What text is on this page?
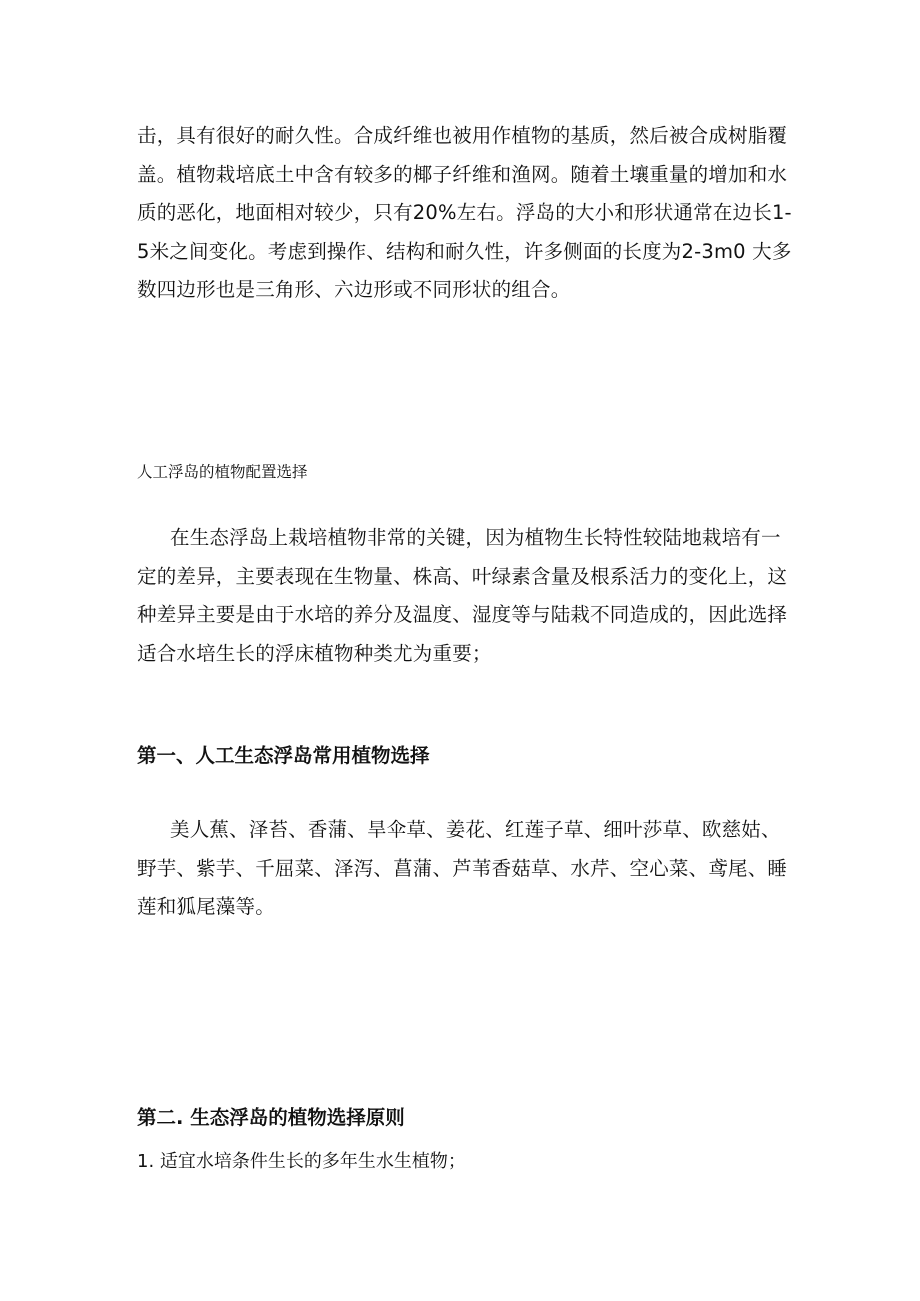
击，具有很好的耐久性。合成纤维也被用作植物的基质，然后被合成树脂覆盖。植物栽培底土中含有较多的椰子纤维和渔网。随着土壤重量的增加和水质的恶化，地面相对较少，只有20%左右。浮岛的大小和形状通常在边长1-5米之间变化。考虑到操作、结构和耐久性，许多侧面的长度为2-3m0 大多数四边形也是三角形、六边形或不同形状的组合。

人工浮岛的植物配置选择

在生态浮岛上栽培植物非常的关键，因为植物生长特性较陆地栽培有一定的差异，主要表现在生物量、株高、叶绿素含量及根系活力的变化上，这种差异主要是由于水培的养分及温度、湿度等与陆栽不同造成的，因此选择适合水培生长的浮床植物种类尤为重要；

第一、人工生态浮岛常用植物选择

美人蕉、泽苔、香蒲、旱伞草、姜花、红莲子草、细叶莎草、欧慈姑、野芋、紫芋、千屈菜、泽泻、菖蒲、芦苇香菇草、水芹、空心菜、鸢尾、睡莲和狐尾藻等。

第二. 生态浮岛的植物选择原则

1. 适宜水培条件生长的多年生水生植物；
